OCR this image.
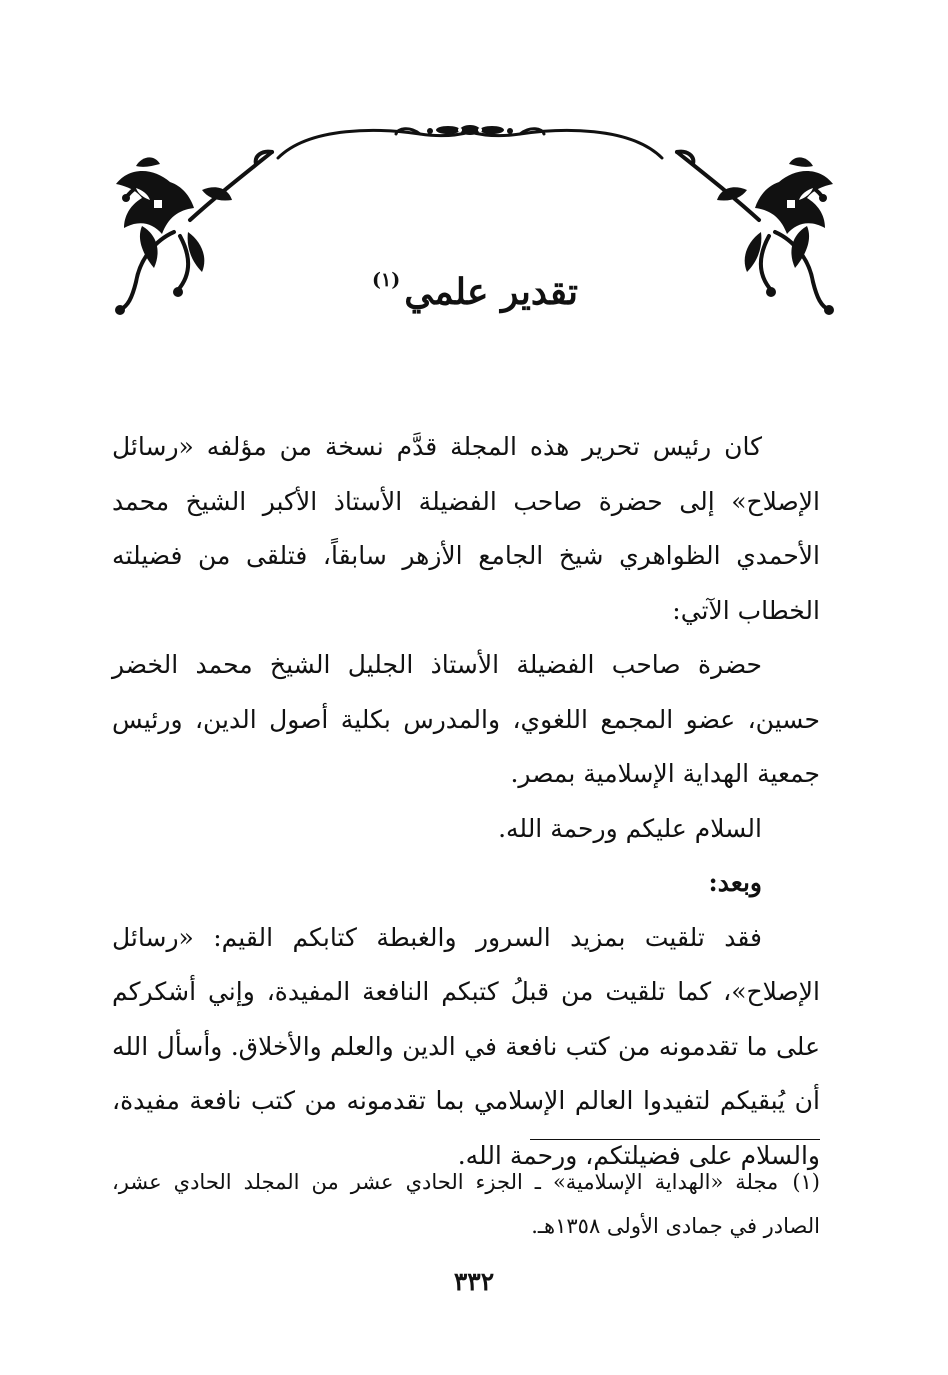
تقدير علمي$^{(١)}$

كان رئيس تحرير هذه المجلة قدَّم نسخة من مؤلفه «رسائل الإصلاح» إلى حضرة صاحب الفضيلة الأستاذ الأكبر الشيخ محمد الأحمدي الظواهري شيخ الجامع الأزهر سابقاً، فتلقى من فضيلته الخطاب الآتي:

حضرة صاحب الفضيلة الأستاذ الجليل الشيخ محمد الخضر حسين، عضو المجمع اللغوي، والمدرس بكلية أصول الدين، ورئيس جمعية الهداية الإسلامية بمصر.

السلام عليكم ورحمة الله.

وبعد:

فقد تلقيت بمزيد السرور والغبطة كتابكم القيم: «رسائل الإصلاح»، كما تلقيت من قبلُ كتبكم النافعة المفيدة، وإني أشكركم على ما تقدمونه من كتب نافعة في الدين والعلم والأخلاق. وأسأل الله أن يُبقيكم لتفيدوا العالم الإسلامي بما تقدمونه من كتب نافعة مفيدة، والسلام على فضيلتكم، ورحمة الله.

(١)مجلة «الهداية الإسلامية» ـ الجزء الحادي عشر من المجلد الحادي عشر، الصادر في جمادى الأولى ١٣٥٨هـ.

٣٣٢
